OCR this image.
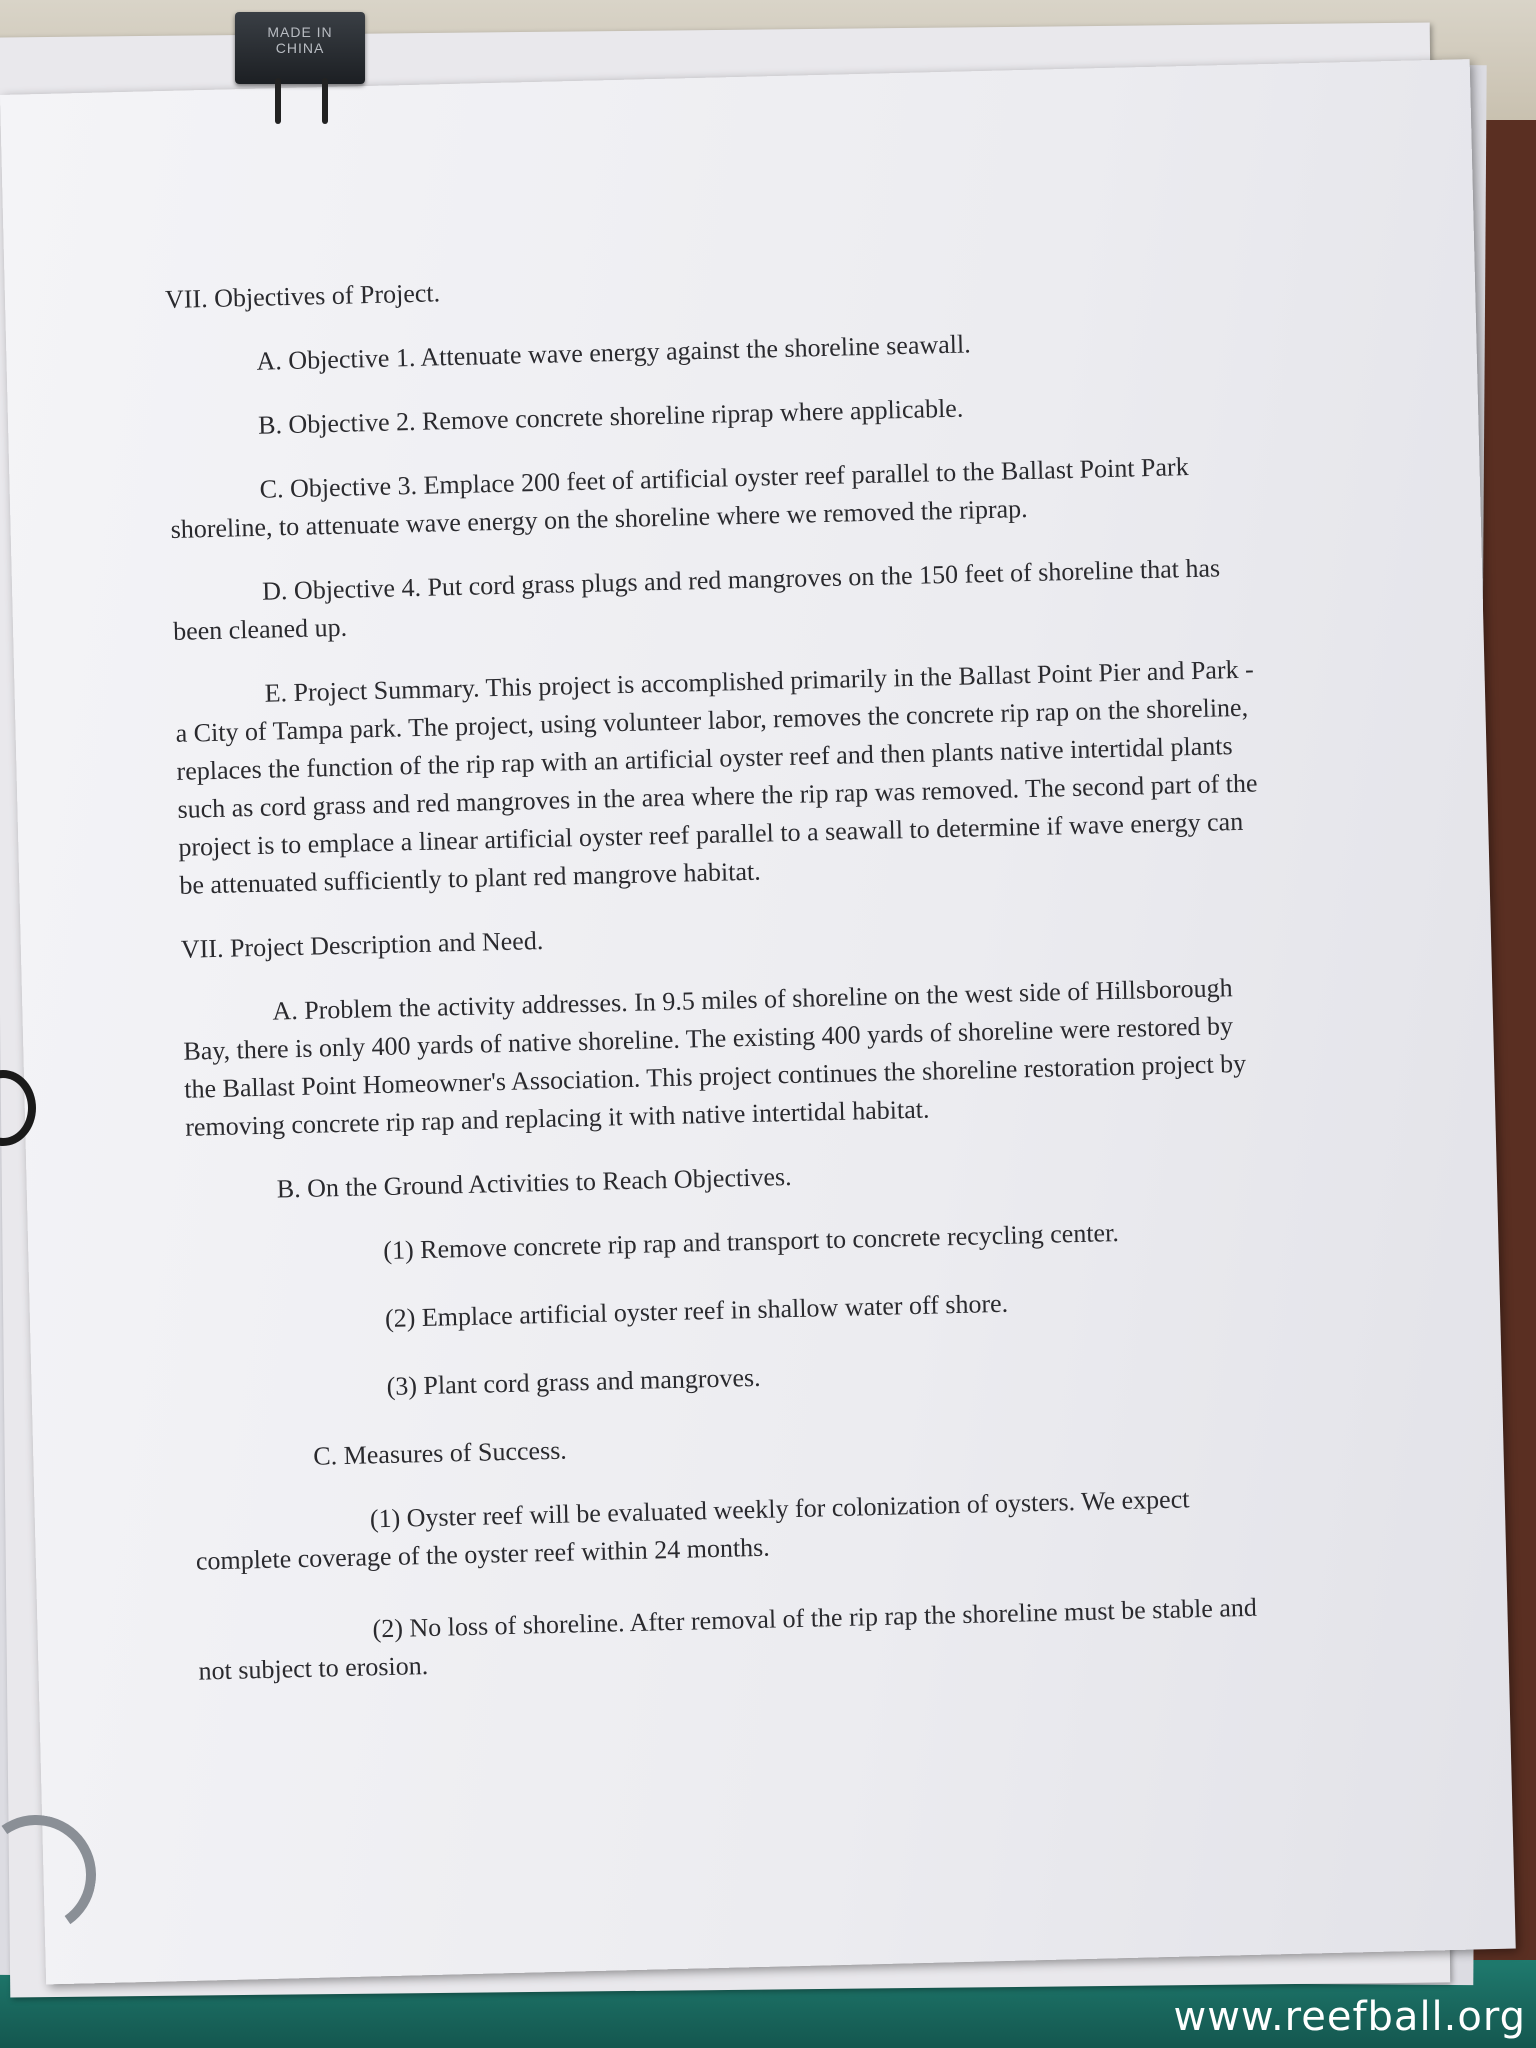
VII. Objectives of Project.

A. Objective 1. Attenuate wave energy against the shoreline seawall.

B. Objective 2. Remove concrete shoreline riprap where applicable.

C. Objective 3. Emplace 200 feet of artificial oyster reef parallel to the Ballast Point Park shoreline, to attenuate wave energy on the shoreline where we removed the riprap.

D. Objective 4. Put cord grass plugs and red mangroves on the 150 feet of shoreline that has been cleaned up.

E. Project Summary. This project is accomplished primarily in the Ballast Point Pier and Park - a City of Tampa park. The project, using volunteer labor, removes the concrete rip rap on the shoreline, replaces the function of the rip rap with an artificial oyster reef and then plants native intertidal plants such as cord grass and red mangroves in the area where the rip rap was removed. The second part of the project is to emplace a linear artificial oyster reef parallel to a seawall to determine if wave energy can be attenuated sufficiently to plant red mangrove habitat.

VII. Project Description and Need.

A. Problem the activity addresses. In 9.5 miles of shoreline on the west side of Hillsborough Bay, there is only 400 yards of native shoreline. The existing 400 yards of shoreline were restored by the Ballast Point Homeowner's Association. This project continues the shoreline restoration project by removing concrete rip rap and replacing it with native intertidal habitat.

B. On the Ground Activities to Reach Objectives.

(1) Remove concrete rip rap and transport to concrete recycling center.

(2) Emplace artificial oyster reef in shallow water off shore.

(3) Plant cord grass and mangroves.

C. Measures of Success.

(1) Oyster reef will be evaluated weekly for colonization of oysters. We expect complete coverage of the oyster reef within 24 months.

(2) No loss of shoreline. After removal of the rip rap the shoreline must be stable and not subject to erosion.

MADE IN
CHINA
www.reefball.org
